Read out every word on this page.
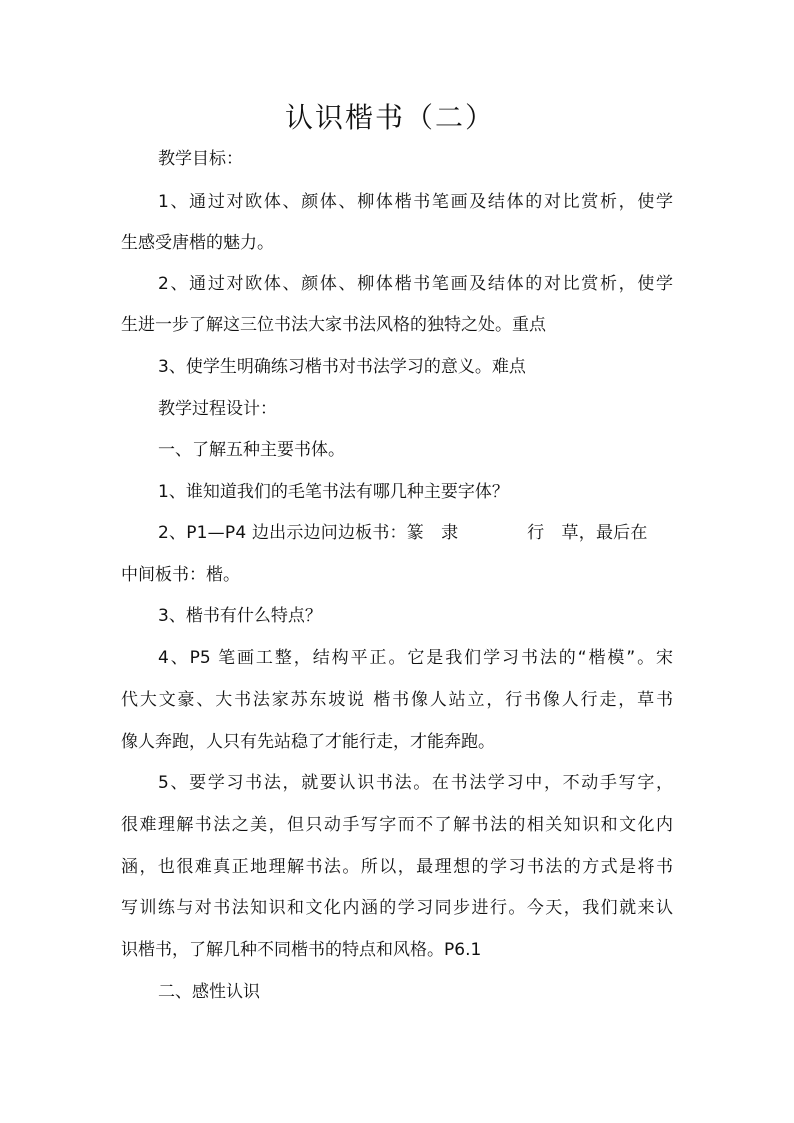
认识楷书（二）
教学目标：
1、通过对欧体、颜体、柳体楷书笔画及结体的对比赏析，使学
生感受唐楷的魅力。
2、通过对欧体、颜体、柳体楷书笔画及结体的对比赏析，使学
生进一步了解这三位书法大家书法风格的独特之处。重点
3、使学生明确练习楷书对书法学习的意义。难点
教学过程设计：
一、了解五种主要书体。
1、谁知道我们的毛笔书法有哪几种主要字体？
2、P1—P4 边出示边问边板书：篆　隶　　　　行　草，最后在
中间板书：楷。
3、楷书有什么特点？
4、P5 笔画工整，结构平正。它是我们学习书法的“楷模”。宋
代大文豪、大书法家苏东坡说 楷书像人站立，行书像人行走，草书
像人奔跑，人只有先站稳了才能行走，才能奔跑。
5、要学习书法，就要认识书法。在书法学习中，不动手写字，
很难理解书法之美，但只动手写字而不了解书法的相关知识和文化内
涵，也很难真正地理解书法。所以，最理想的学习书法的方式是将书
写训练与对书法知识和文化内涵的学习同步进行。今天，我们就来认
识楷书，了解几种不同楷书的特点和风格。P6.1
二、感性认识
